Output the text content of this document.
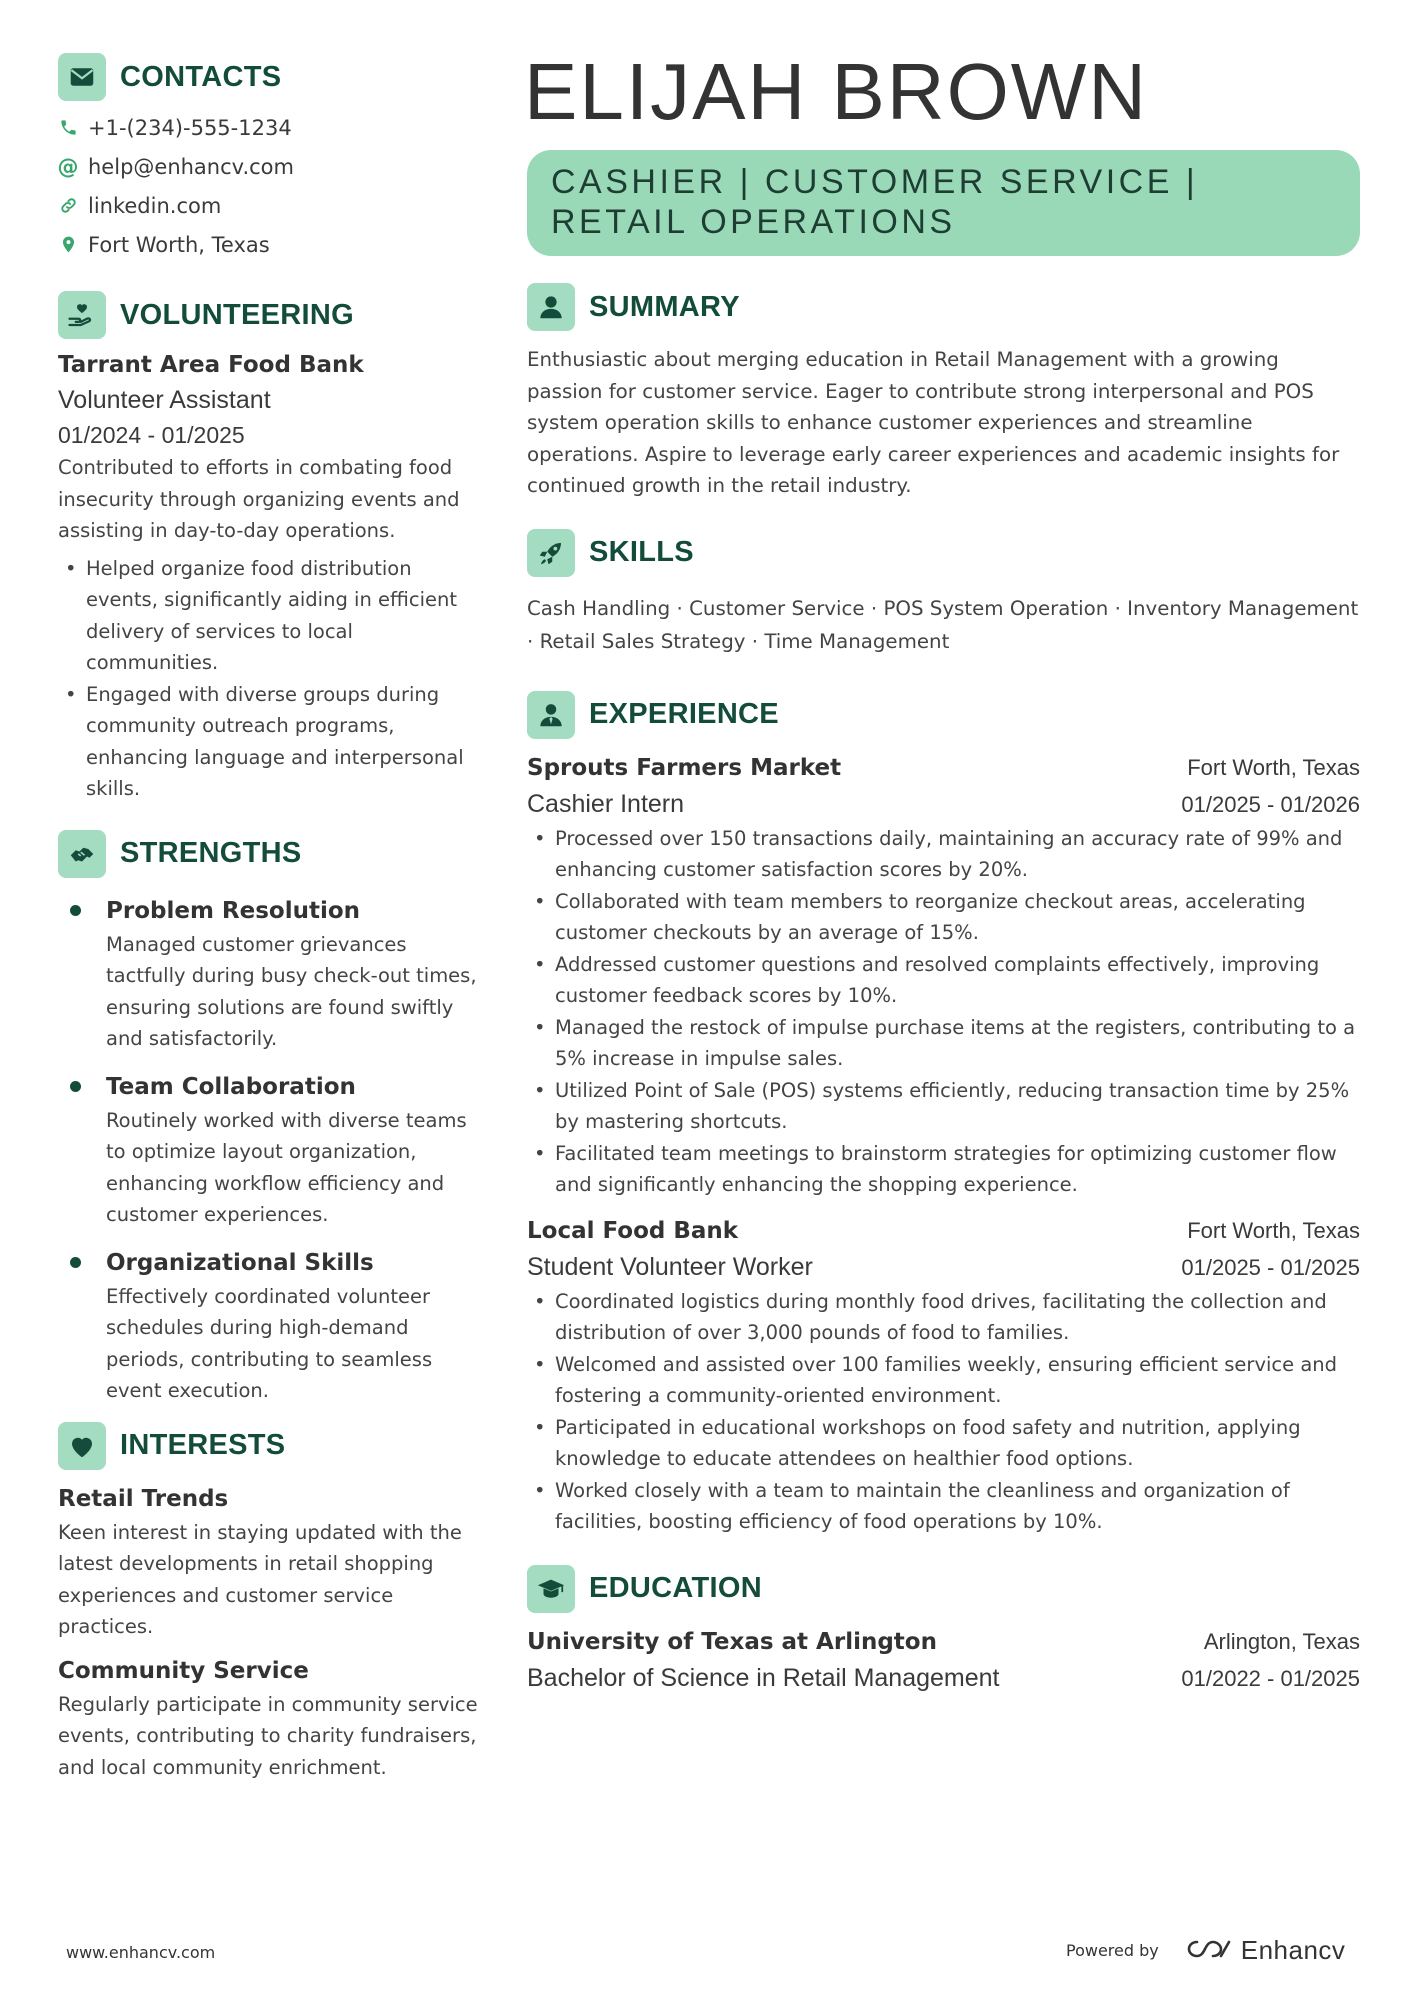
CONTACTS
+1-(234)-555-1234
@ help@enhancv.com
linkedin.com
Fort Worth, Texas
VOLUNTEERING
Tarrant Area Food Bank
Volunteer Assistant
01/2024 - 01/2025
Contributed to efforts in combating food insecurity through organizing events and assisting in day-to-day operations.
• Helped organize food distribution events, significantly aiding in efficient delivery of services to local communities.
• Engaged with diverse groups during community outreach programs, enhancing language and interpersonal skills.
STRENGTHS
Problem Resolution
Managed customer grievances tactfully during busy check-out times, ensuring solutions are found swiftly and satisfactorily.
Team Collaboration
Routinely worked with diverse teams to optimize layout organization, enhancing workflow efficiency and customer experiences.
Organizational Skills
Effectively coordinated volunteer schedules during high-demand periods, contributing to seamless event execution.
INTERESTS
Retail Trends
Keen interest in staying updated with the latest developments in retail shopping experiences and customer service practices.
Community Service
Regularly participate in community service events, contributing to charity fundraisers, and local community enrichment.
ELIJAH BROWN
CASHIER | CUSTOMER SERVICE | RETAIL OPERATIONS
SUMMARY
Enthusiastic about merging education in Retail Management with a growing passion for customer service. Eager to contribute strong interpersonal and POS system operation skills to enhance customer experiences and streamline operations. Aspire to leverage early career experiences and academic insights for continued growth in the retail industry.
SKILLS
Cash Handling · Customer Service · POS System Operation · Inventory Management · Retail Sales Strategy · Time Management
EXPERIENCE
Sprouts Farmers Market	Fort Worth, Texas
Cashier Intern	01/2025 - 01/2026
• Processed over 150 transactions daily, maintaining an accuracy rate of 99% and enhancing customer satisfaction scores by 20%.
• Collaborated with team members to reorganize checkout areas, accelerating customer checkouts by an average of 15%.
• Addressed customer questions and resolved complaints effectively, improving customer feedback scores by 10%.
• Managed the restock of impulse purchase items at the registers, contributing to a 5% increase in impulse sales.
• Utilized Point of Sale (POS) systems efficiently, reducing transaction time by 25% by mastering shortcuts.
• Facilitated team meetings to brainstorm strategies for optimizing customer flow and significantly enhancing the shopping experience.
Local Food Bank	Fort Worth, Texas
Student Volunteer Worker	01/2025 - 01/2025
• Coordinated logistics during monthly food drives, facilitating the collection and distribution of over 3,000 pounds of food to families.
• Welcomed and assisted over 100 families weekly, ensuring efficient service and fostering a community-oriented environment.
• Participated in educational workshops on food safety and nutrition, applying knowledge to educate attendees on healthier food options.
• Worked closely with a team to maintain the cleanliness and organization of facilities, boosting efficiency of food operations by 10%.
EDUCATION
University of Texas at Arlington	Arlington, Texas
Bachelor of Science in Retail Management	01/2022 - 01/2025
www.enhancv.com	Powered by	Enhancv
